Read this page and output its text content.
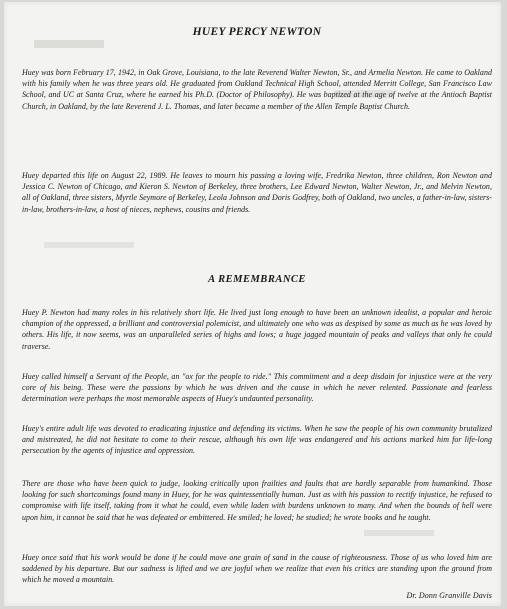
HUEY PERCY NEWTON

Huey was born February 17, 1942, in Oak Grove, Louisiana, to the late Reverend Walter Newton, Sr., and Armelia Newton. He came to Oakland with his family when he was three years old. He graduated from Oakland Technical High School, attended Merritt College, San Francisco Law School, and UC at Santa Cruz, where he earned his Ph.D. (Doctor of Philosophy). He was baptized at the age of twelve at the Antioch Baptist Church, in Oakland, by the late Reverend J. L. Thomas, and later became a member of the Allen Temple Baptist Church.

Huey departed this life on August 22, 1989. He leaves to mourn his passing a loving wife, Fredrika Newton, three children, Ron Newton and Jessica C. Newton of Chicago, and Kieron S. Newton of Berkeley, three brothers, Lee Edward Newton, Walter Newton, Jr., and Melvin Newton, all of Oakland, three sisters, Myrtle Seymore of Berkeley, Leola Johnson and Doris Godfrey, both of Oakland, two uncles, a father-in-law, sisters-in-law, brothers-in-law, a host of nieces, nephews, cousins and friends.

A REMEMBRANCE

Huey P. Newton had many roles in his relatively short life. He lived just long enough to have been an unknown idealist, a popular and heroic champion of the oppressed, a brilliant and controversial polemicist, and ultimately one who was as despised by some as much as he was loved by others. His life, it now seems, was an unparalleled series of highs and lows; a huge jagged mountain of peaks and valleys that only he could traverse.

Huey called himself a Servant of the People, an "ox for the people to ride." This commitment and a deep disdain for injustice were at the very core of his being. These were the passions by which he was driven and the cause in which he never relented. Passionate and fearless determination were perhaps the most memorable aspects of Huey's undaunted personality.

Huey's entire adult life was devoted to eradicating injustice and defending its victims. When he saw the people of his own community brutalized and mistreated, he did not hesitate to come to their rescue, although his own life was endangered and his actions marked him for life-long persecution by the agents of injustice and oppression.

There are those who have been quick to judge, looking critically upon frailties and faults that are hardly separable from humankind. Those looking for such shortcomings found many in Huey, for he was quintessentially human. Just as with his passion to rectify injustice, he refused to compromise with life itself, taking from it what he could, even while laden with burdens unknown to many. And when the bounds of hell were upon him, it cannot be said that he was defeated or embittered. He smiled; he loved; he studied; he wrote books and he taught.

Huey once said that his work would be done if he could move one grain of sand in the cause of righteousness. Those of us who loved him are saddened by his departure. But our sadness is lifted and we are joyful when we realize that even his critics are standing upon the ground from which he moved a mountain.

Dr. Donn Granville Davis
